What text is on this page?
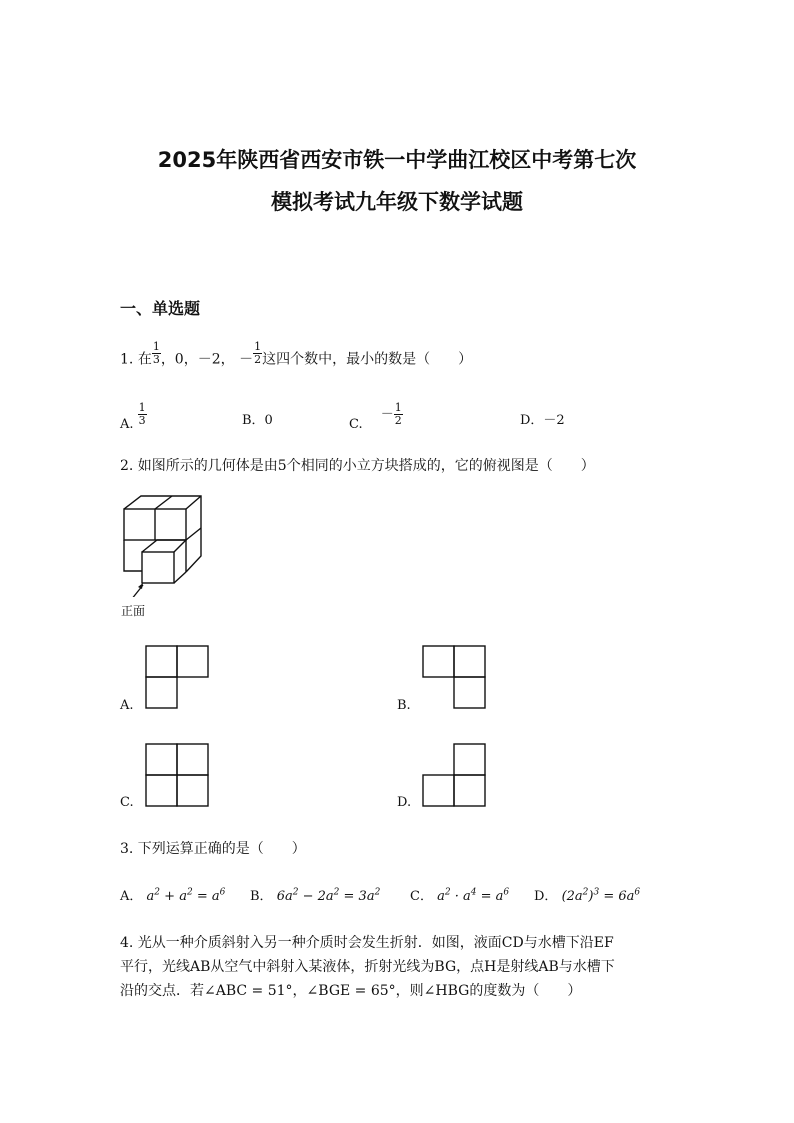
2025年陕西省西安市铁一中学曲江校区中考第七次
模拟考试九年级下数学试题
一、单选题
1. 在 $\frac{1}{3}$ ，0，－2， － $\frac{1}{2}$ 这四个数中，最小的数是（　　）
A. $\frac{1}{3}$	B．0	C. － $\frac{1}{2}$	D．－2
2. 如图所示的几何体是由5个相同的小立方块搭成的，它的俯视图是（　　）
正面
A.	B.
C.	D.
3. 下列运算正确的是（　　）
A． $a^2 + a^2 = a^6$ B． $6a^2 - 2a^2 = 3a^2$ C． $a^2 \cdot a^4 = a^6$ D． $(2a^2)^3 = 6a^6$
4. 光从一种介质斜射入另一种介质时会发生折射．如图，液面CD与水槽下沿EF
平行，光线AB从空气中斜射入某液体，折射光线为BG，点H是射线AB与水槽下
沿的交点．若∠ABC = 51°，∠BGE = 65°，则∠HBG的度数为（　　）
